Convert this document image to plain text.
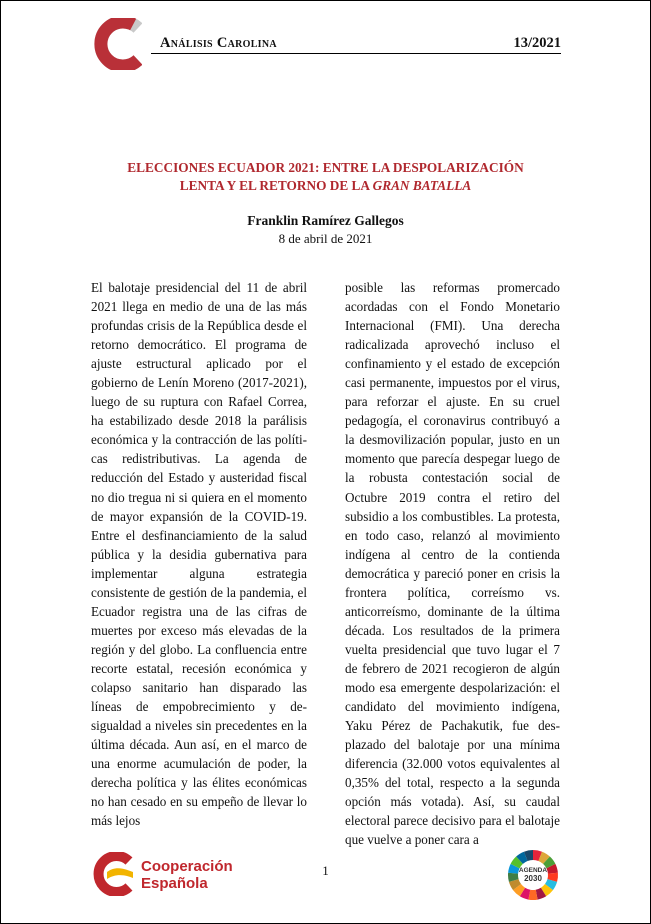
Análisis Carolina	13/2021
ELECCIONES ECUADOR 2021: ENTRE LA DESPOLARIZACIÓN
LENTA Y EL RETORNO DE LA GRAN BATALLA
Franklin Ramírez Gallegos
8 de abril de 2021
El balotaje presidencial del 11 de abril 2021 llega en medio de una de las más profundas crisis de la República desde el retorno democrático. El programa de ajuste estructural aplicado por el gobierno de Lenín Moreno (2017-2021), luego de su ruptura con Rafael Correa, ha estabilizado desde 2018 la parálisis económica y la contracción de las políticas redistributivas. La agenda de reducción del Estado y austeridad fiscal no dio tregua ni si quiera en el momento de mayor expansión de la COVID-19. Entre el desfinanciamiento de la salud pública y la desidia gubernativa para implementar alguna estrategia consistente de gestión de la pandemia, el Ecuador registra una de las cifras de muertes por exceso más elevadas de la región y del globo. La confluencia entre recorte estatal, recesión económica y colapso sanitario han disparado las líneas de empobrecimiento y desigualdad a niveles sin precedentes en la última década. Aun así, en el marco de una enorme acumulación de poder, la derecha política y las élites económicas no han cesado en su empeño de llevar lo más lejos
posible las reformas promercado acordadas con el Fondo Monetario Internacional (FMI). Una derecha radicalizada aprovechó incluso el confinamiento y el estado de excepción casi permanente, impuestos por el virus, para reforzar el ajuste. En su cruel pedagogía, el coronavirus contribuyó a la desmovilización popular, justo en un momento que parecía despegar luego de la robusta contestación social de Octubre 2019 contra el retiro del subsidio a los combustibles. La protesta, en todo caso, relanzó al movimiento indígena al centro de la contienda democrática y pareció poner en crisis la frontera política, correísmo vs. anticorreísmo, dominante de la última década. Los resultados de la primera vuelta presidencial que tuvo lugar el 7 de febrero de 2021 recogieron de algún modo esa emergente despolarización: el candidato del movimiento indígena, Yaku Pérez de Pachakutik, fue desplazado del balotaje por una mínima diferencia (32.000 votos equivalentes al 0,35% del total, respecto a la segunda opción más votada). Así, su caudal electoral parece decisivo para el balotaje que vuelve a poner cara a
Cooperación
Española
1	AGENDA
2030
